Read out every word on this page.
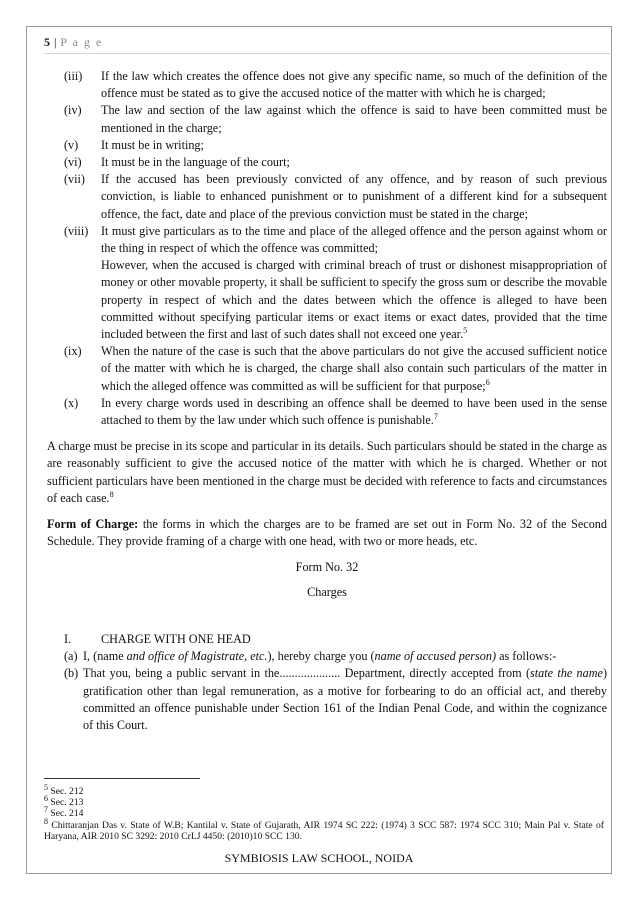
5 | P a g e
(iii)	If the law which creates the offence does not give any specific name, so much of the definition of the offence must be stated as to give the accused notice of the matter with which he is charged;

(iv)	The law and section of the law against which the offence is said to have been committed must be mentioned in the charge;

(v)	It must be in writing;

(vi)	It must be in the language of the court;

(vii)	If the accused has been previously convicted of any offence, and by reason of such previous conviction, is liable to enhanced punishment or to punishment of a different kind for a subsequent offence, the fact, date and place of the previous conviction must be stated in the charge;

(viii)	It must give particulars as to the time and place of the alleged offence and the person against whom or the thing in respect of which the offence was committed;

However, when the accused is charged with criminal breach of trust or dishonest misappropriation of money or other movable property, it shall be sufficient to specify the gross sum or describe the movable property in respect of which and the dates between which the offence is alleged to have been committed without specifying particular items or exact items or exact dates, provided that the time included between the first and last of such dates shall not exceed one year.$^5$

(ix)	When the nature of the case is such that the above particulars do not give the accused sufficient notice of the matter with which he is charged, the charge shall also contain such particulars of the matter in which the alleged offence was committed as will be sufficient for that purpose;$^6$

(x)	In every charge words used in describing an offence shall be deemed to have been used in the sense attached to them by the law under which such offence is punishable.$^7$

A charge must be precise in its scope and particular in its details. Such particulars should be stated in the charge as are reasonably sufficient to give the accused notice of the matter with which he is charged. Whether or not sufficient particulars have been mentioned in the charge must be decided with reference to facts and circumstances of each case.$^8$
Form of Charge: the forms in which the charges are to be framed are set out in Form No. 32 of the Second Schedule. They provide framing of a charge with one head, with two or more heads, etc.
Form No. 32
Charges
I.	CHARGE WITH ONE HEAD
(a) I, (name and office of Magistrate, etc.), hereby charge you (name of accused person) as follows:-
(b) That you, being a public servant in the.................... Department, directly accepted from (state the name) gratification other than legal remuneration, as a motive for forbearing to do an official act, and thereby committed an offence punishable under Section 161 of the Indian Penal Code, and within the cognizance of this Court.
$^5$ Sec. 212
$^6$ Sec. 213
$^7$ Sec. 214
$^8$ Chittaranjan Das v. State of W.B; Kantilal v. State of Gujarath, AIR 1974 SC 222: (1974) 3 SCC 587: 1974 SCC 310; Main Pal v. State of Haryana, AIR 2010 SC 3292: 2010 CrLJ 4450: (2010)10 SCC 130.
SYMBIOSIS LAW SCHOOL, NOIDA
